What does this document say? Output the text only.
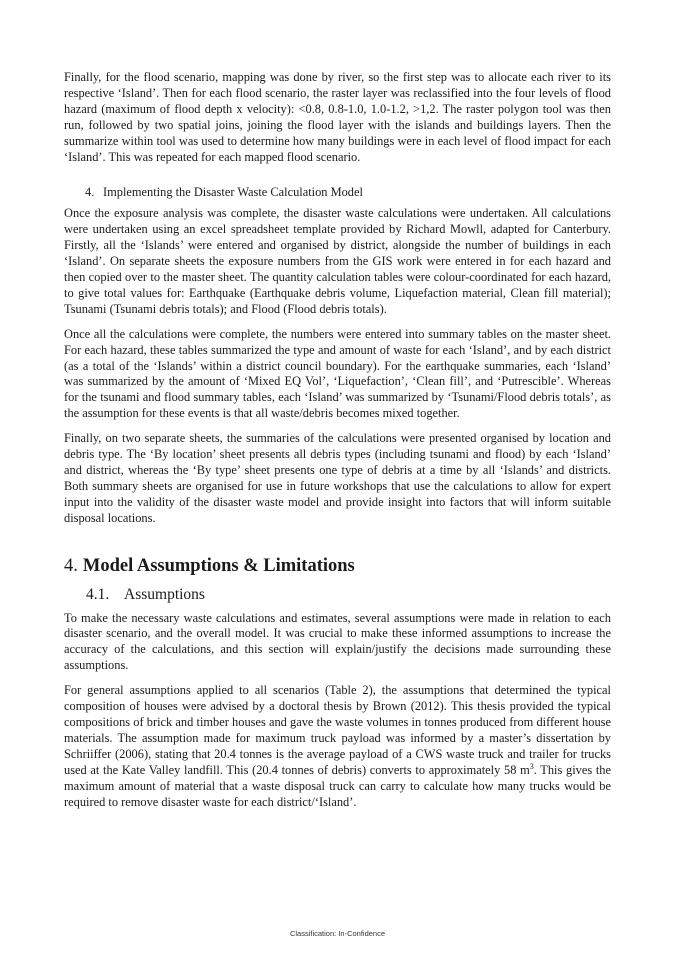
Finally, for the flood scenario, mapping was done by river, so the first step was to allocate each river to its respective ‘Island’. Then for each flood scenario, the raster layer was reclassified into the four levels of flood hazard (maximum of flood depth x velocity): <0.8, 0.8-1.0, 1.0-1.2, >1,2. The raster polygon tool was then run, followed by two spatial joins, joining the flood layer with the islands and buildings layers. Then the summarize within tool was used to determine how many buildings were in each level of flood impact for each ‘Island’. This was repeated for each mapped flood scenario.

4. Implementing the Disaster Waste Calculation Model

Once the exposure analysis was complete, the disaster waste calculations were undertaken. All calculations were undertaken using an excel spreadsheet template provided by Richard Mowll, adapted for Canterbury. Firstly, all the ‘Islands’ were entered and organised by district, alongside the number of buildings in each ‘Island’. On separate sheets the exposure numbers from the GIS work were entered in for each hazard and then copied over to the master sheet. The quantity calculation tables were colour-coordinated for each hazard, to give total values for: Earthquake (Earthquake debris volume, Liquefaction material, Clean fill material); Tsunami (Tsunami debris totals); and Flood (Flood debris totals).

Once all the calculations were complete, the numbers were entered into summary tables on the master sheet. For each hazard, these tables summarized the type and amount of waste for each ‘Island’, and by each district (as a total of the ‘Islands’ within a district council boundary). For the earthquake summaries, each ‘Island’ was summarized by the amount of ‘Mixed EQ Vol’, ‘Liquefaction’, ‘Clean fill’, and ‘Putrescible’. Whereas for the tsunami and flood summary tables, each ‘Island’ was summarized by ‘Tsunami/Flood debris totals’, as the assumption for these events is that all waste/debris becomes mixed together.

Finally, on two separate sheets, the summaries of the calculations were presented organised by location and debris type. The ‘By location’ sheet presents all debris types (including tsunami and flood) by each ‘Island’ and district, whereas the ‘By type’ sheet presents one type of debris at a time by all ‘Islands’ and districts. Both summary sheets are organised for use in future workshops that use the calculations to allow for expert input into the validity of the disaster waste model and provide insight into factors that will inform suitable disposal locations.

4. Model Assumptions & Limitations
4.1. Assumptions

To make the necessary waste calculations and estimates, several assumptions were made in relation to each disaster scenario, and the overall model. It was crucial to make these informed assumptions to increase the accuracy of the calculations, and this section will explain/justify the decisions made surrounding these assumptions.

For general assumptions applied to all scenarios (Table 2), the assumptions that determined the typical composition of houses were advised by a doctoral thesis by Brown (2012). This thesis provided the typical compositions of brick and timber houses and gave the waste volumes in tonnes produced from different house materials. The assumption made for maximum truck payload was informed by a master’s dissertation by Schriiffer (2006), stating that 20.4 tonnes is the average payload of a CWS waste truck and trailer for trucks used at the Kate Valley landfill. This (20.4 tonnes of debris) converts to approximately 58 $m^3$. This gives the maximum amount of material that a waste disposal truck can carry to calculate how many trucks would be required to remove disaster waste for each district/‘Island’.

Classification: In-Confidence
